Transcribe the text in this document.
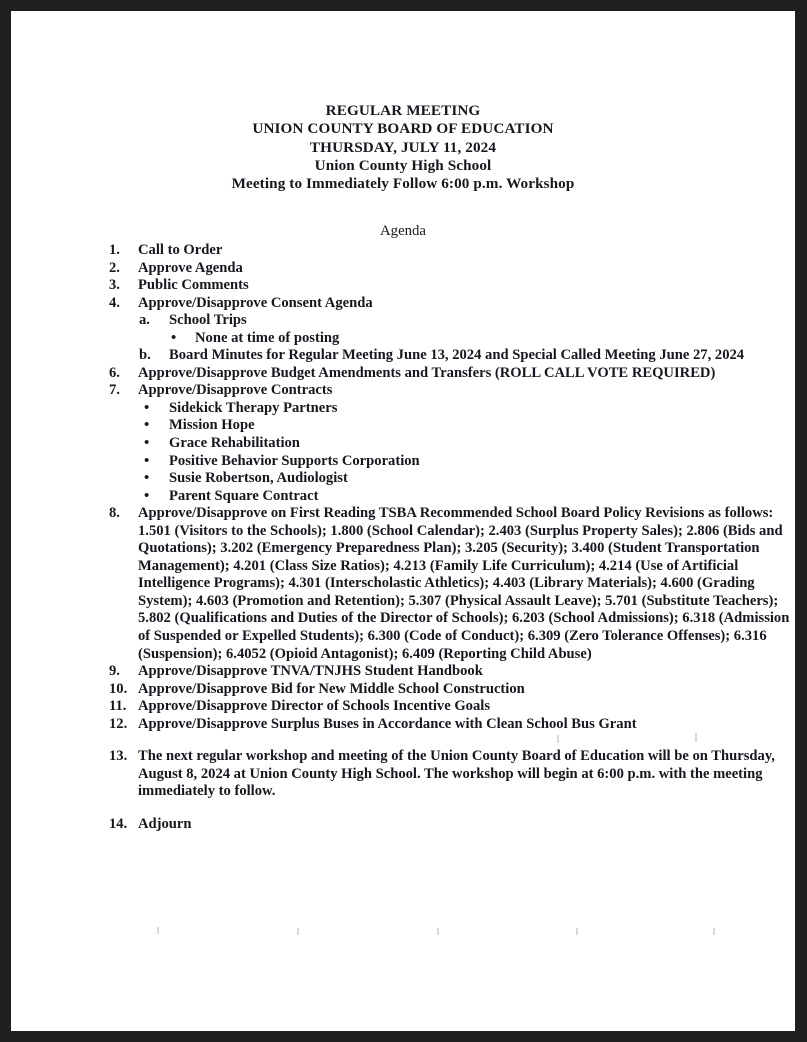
REGULAR MEETING
UNION COUNTY BOARD OF EDUCATION
THURSDAY, JULY 11, 2024
Union County High School
Meeting to Immediately Follow 6:00 p.m. Workshop
Agenda
1.	Call to Order
2.	Approve Agenda
3.	Public Comments
4.	Approve/Disapprove Consent Agenda
a.	School Trips
•	None at time of posting
b.	Board Minutes for Regular Meeting June 13, 2024 and Special Called Meeting June 27, 2024
6.	Approve/Disapprove Budget Amendments and Transfers (ROLL CALL VOTE REQUIRED)
7.	Approve/Disapprove Contracts
•	Sidekick Therapy Partners
•	Mission Hope
•	Grace Rehabilitation
•	Positive Behavior Supports Corporation
•	Susie Robertson, Audiologist
•	Parent Square Contract
8.	Approve/Disapprove on First Reading TSBA Recommended School Board Policy Revisions as follows: 1.501 (Visitors to the Schools); 1.800 (School Calendar); 2.403 (Surplus Property Sales); 2.806 (Bids and Quotations); 3.202 (Emergency Preparedness Plan); 3.205 (Security); 3.400 (Student Transportation Management); 4.201 (Class Size Ratios); 4.213 (Family Life Curriculum); 4.214 (Use of Artificial Intelligence Programs); 4.301 (Interscholastic Athletics); 4.403 (Library Materials); 4.600 (Grading System); 4.603 (Promotion and Retention); 5.307 (Physical Assault Leave); 5.701 (Substitute Teachers); 5.802 (Qualifications and Duties of the Director of Schools); 6.203 (School Admissions); 6.318 (Admission of Suspended or Expelled Students); 6.300 (Code of Conduct); 6.309 (Zero Tolerance Offenses); 6.316 (Suspension); 6.4052 (Opioid Antagonist); 6.409 (Reporting Child Abuse)
9.	Approve/Disapprove TNVA/TNJHS Student Handbook
10. Approve/Disapprove Bid for New Middle School Construction
11. Approve/Disapprove Director of Schools Incentive Goals
12. Approve/Disapprove Surplus Buses in Accordance with Clean School Bus Grant
13. The next regular workshop and meeting of the Union County Board of Education will be on Thursday, August 8, 2024 at Union County High School. The workshop will begin at 6:00 p.m. with the meeting immediately to follow.
14. Adjourn
